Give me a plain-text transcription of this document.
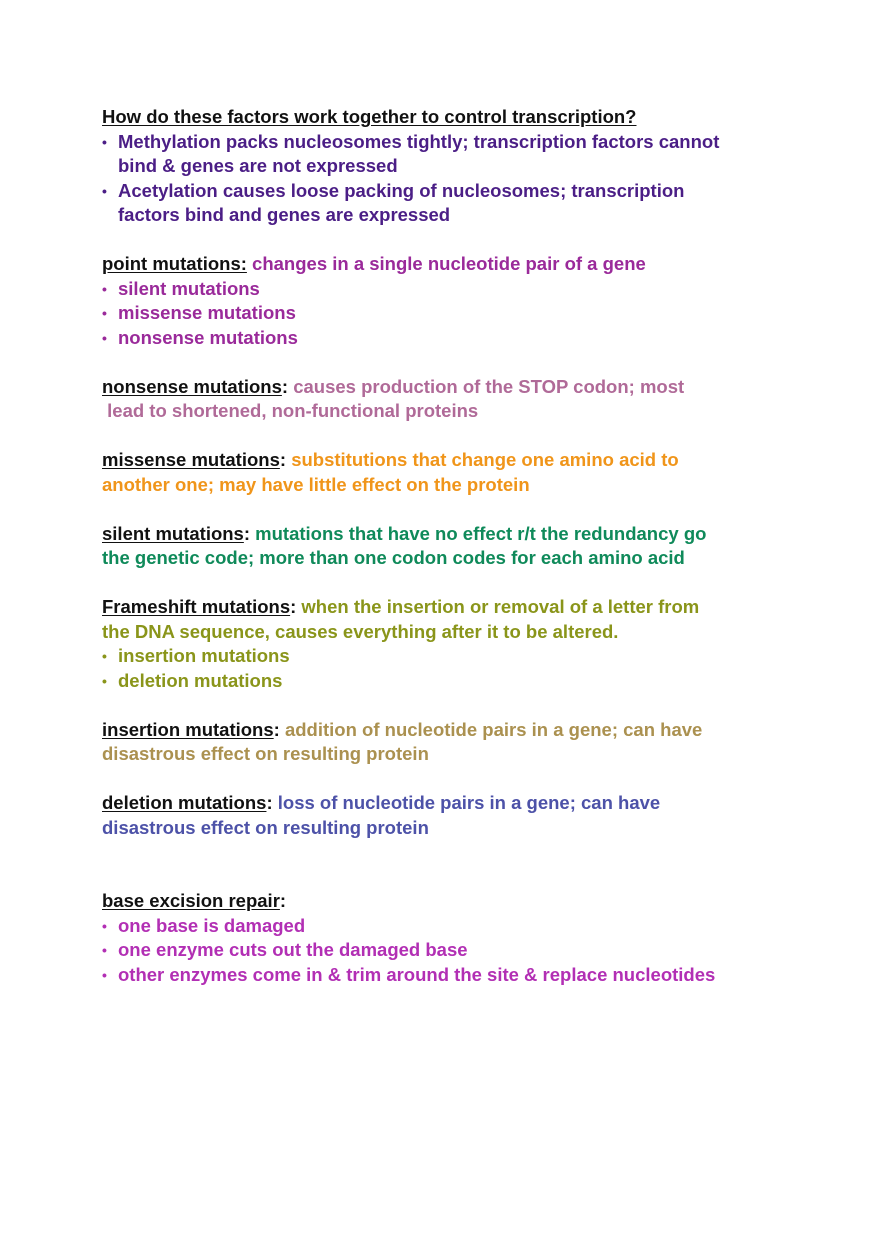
How do these factors work together to control transcription?

• Methylation packs nucleosomes tightly; transcription factors cannot
bind & genes are not expressed
• Acetylation causes loose packing of nucleosomes; transcription
factors bind and genes are expressed

point mutations: changes in a single nucleotide pair of a gene

• silent mutations
• missense mutations
• nonsense mutations

nonsense mutations: causes production of the STOP codon; most

lead to shortened, non-functional proteins

missense mutations: substitutions that change one amino acid to

another one; may have little effect on the protein

silent mutations: mutations that have no effect r/t the redundancy go

the genetic code; more than one codon codes for each amino acid

Frameshift mutations: when the insertion or removal of a letter from

the DNA sequence, causes everything after it to be altered.

• insertion mutations
• deletion mutations

insertion mutations: addition of nucleotide pairs in a gene; can have

disastrous effect on resulting protein

deletion mutations: loss of nucleotide pairs in a gene; can have

disastrous effect on resulting protein

base excision repair:

• one base is damaged
• one enzyme cuts out the damaged base
• other enzymes come in & trim around the site & replace nucleotides
